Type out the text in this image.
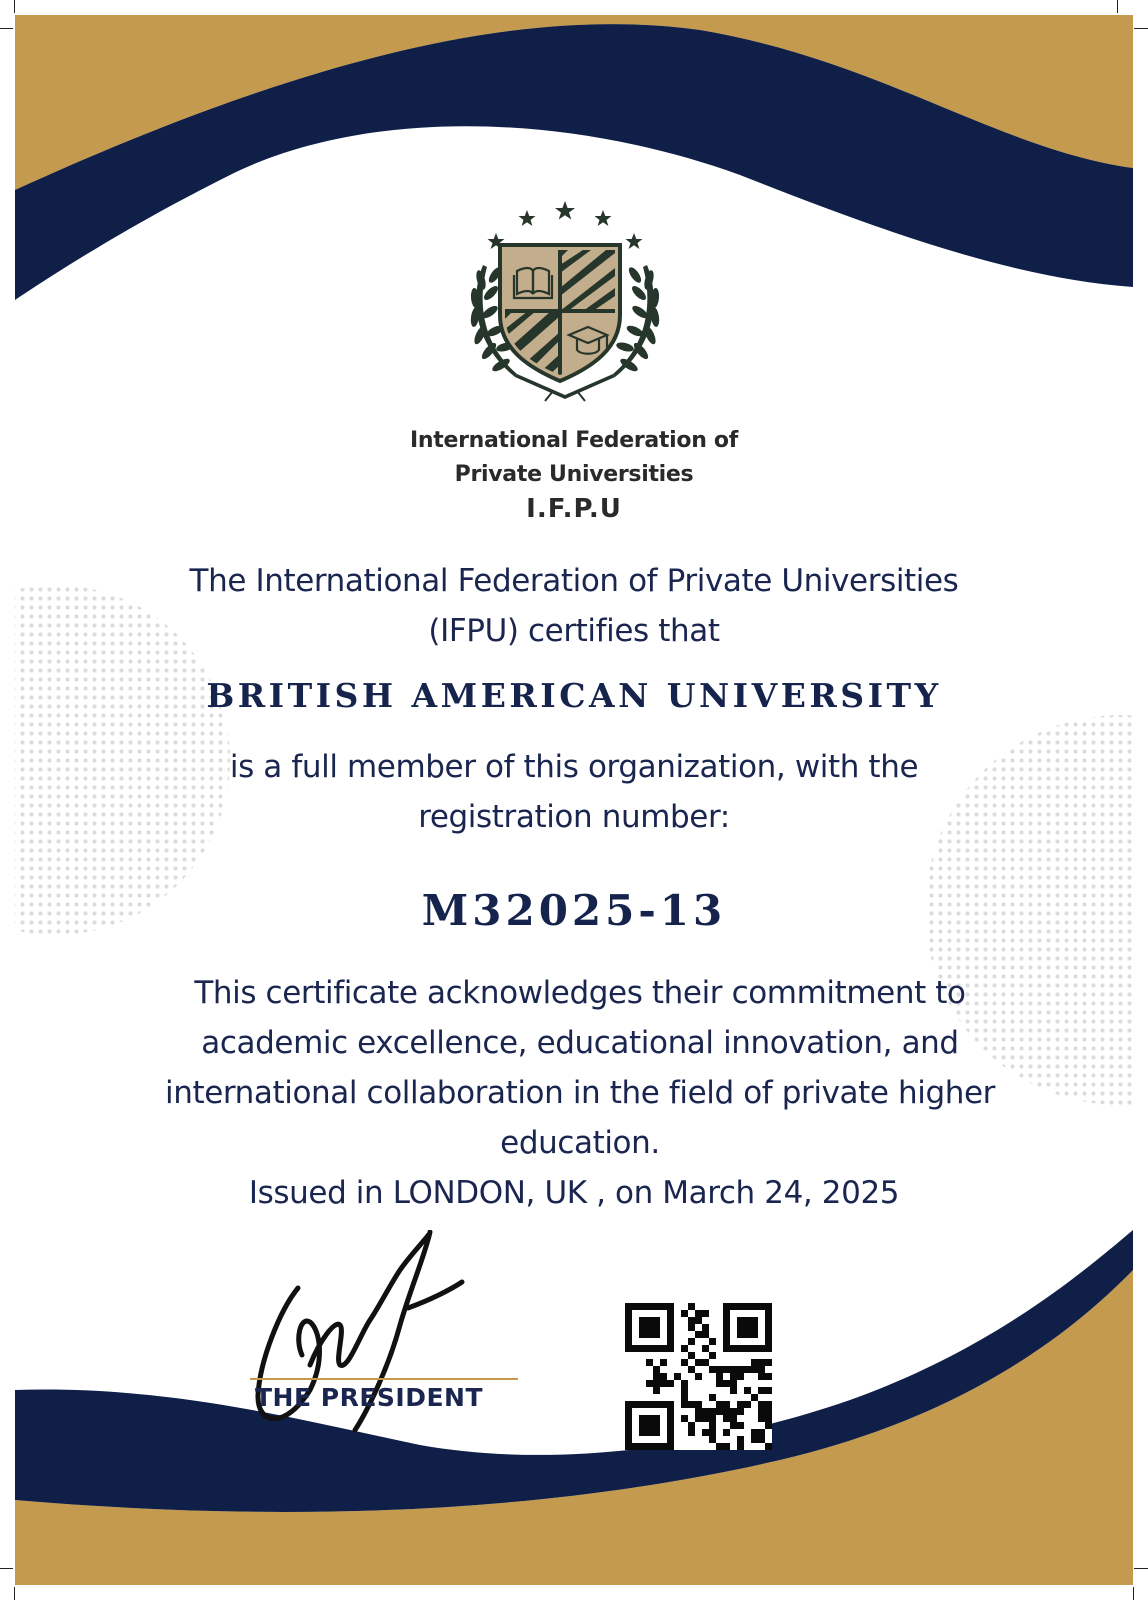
International Federation of
Private Universities
I.F.P.U
The International Federation of Private Universities (IFPU) certifies that
BRITISH AMERICAN UNIVERSITY
is a full member of this organization, with the registration number:
M32025-13
This certificate acknowledges their commitment to academic excellence, educational innovation, and international collaboration in the field of private higher education.
Issued in LONDON, UK , on March 24, 2025
THE PRESIDENT
